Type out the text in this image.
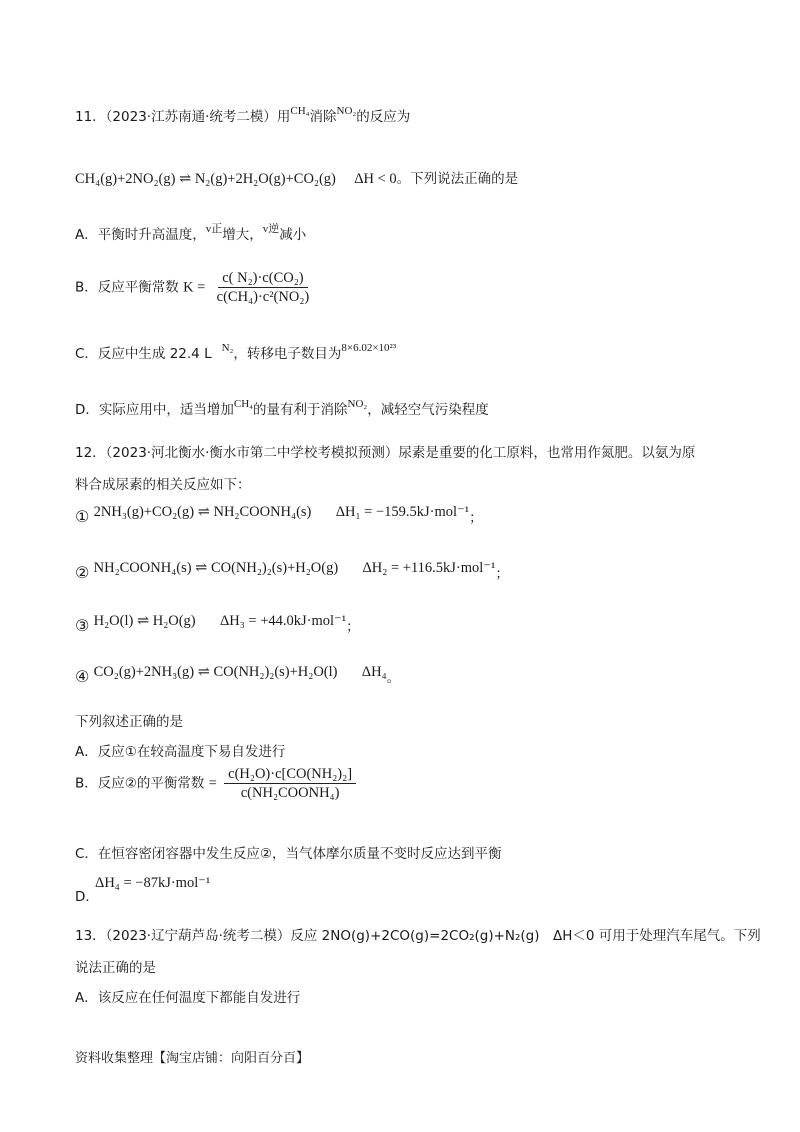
11．（2023·江苏南通·统考二模）用$^{CH_4}$消除$^{NO_2}$的反应为
CH₄(g)+2NO₂(g) ⇌ N₂(g)+2H₂O(g)+CO₂(g) ΔH < 0。下列说法正确的是
A．平衡时升高温度，$^{v正}$增大，$^{v逆}$减小
B．反应平衡常数 $K = \frac{\text{c( N₂)·c(CO₂)}}{\text{c(CH₄)·c²(NO₂)}}$
C．反应中生成 22.4 L $^{N_2}$，转移电子数目为$^{8\times 6.02\times 10^{23}}$
D．实际应用中，适当增加$^{CH_4}$的量有利于消除$^{NO_2}$，减轻空气污染程度
12．（2023·河北衡水·衡水市第二中学校考模拟预测）尿素是重要的化工原料，也常用作氮肥。以氨为原
料合成尿素的相关反应如下：
① 2NH₃(g)+CO₂(g) ⇌ NH₂COONH₄(s) ΔH₁ = −159.5kJ·mol⁻¹；
② NH₂COONH₄(s) ⇌ CO(NH₂)₂(s)+H₂O(g) ΔH₂ = +116.5kJ·mol⁻¹；
③ H₂O(l) ⇌ H₂O(g) ΔH₃ = +44.0kJ·mol⁻¹；
④ CO₂(g)+2NH₃(g) ⇌ CO(NH₂)₂(s)+H₂O(l) ΔH₄。
下列叙述正确的是
A．反应①在较高温度下易自发进行
B．反应②的平衡常数 = $\frac{\text{c(H₂O)·c[CO(NH₂)₂]}}{\text{c(NH₂COONH₄)}}$
C．在恒容密闭容器中发生反应②，当气体摩尔质量不变时反应达到平衡
ΔH₄ = −87kJ·mol⁻¹
D．
13．（2023·辽宁葫芦岛·统考二模）反应 2NO(g)+2CO(g)=2CO₂(g)+N₂(g)　ΔH＜0 可用于处理汽车尾气。下列
说法正确的是
A．该反应在任何温度下都能自发进行
资料收集整理【淘宝店铺：向阳百分百】
